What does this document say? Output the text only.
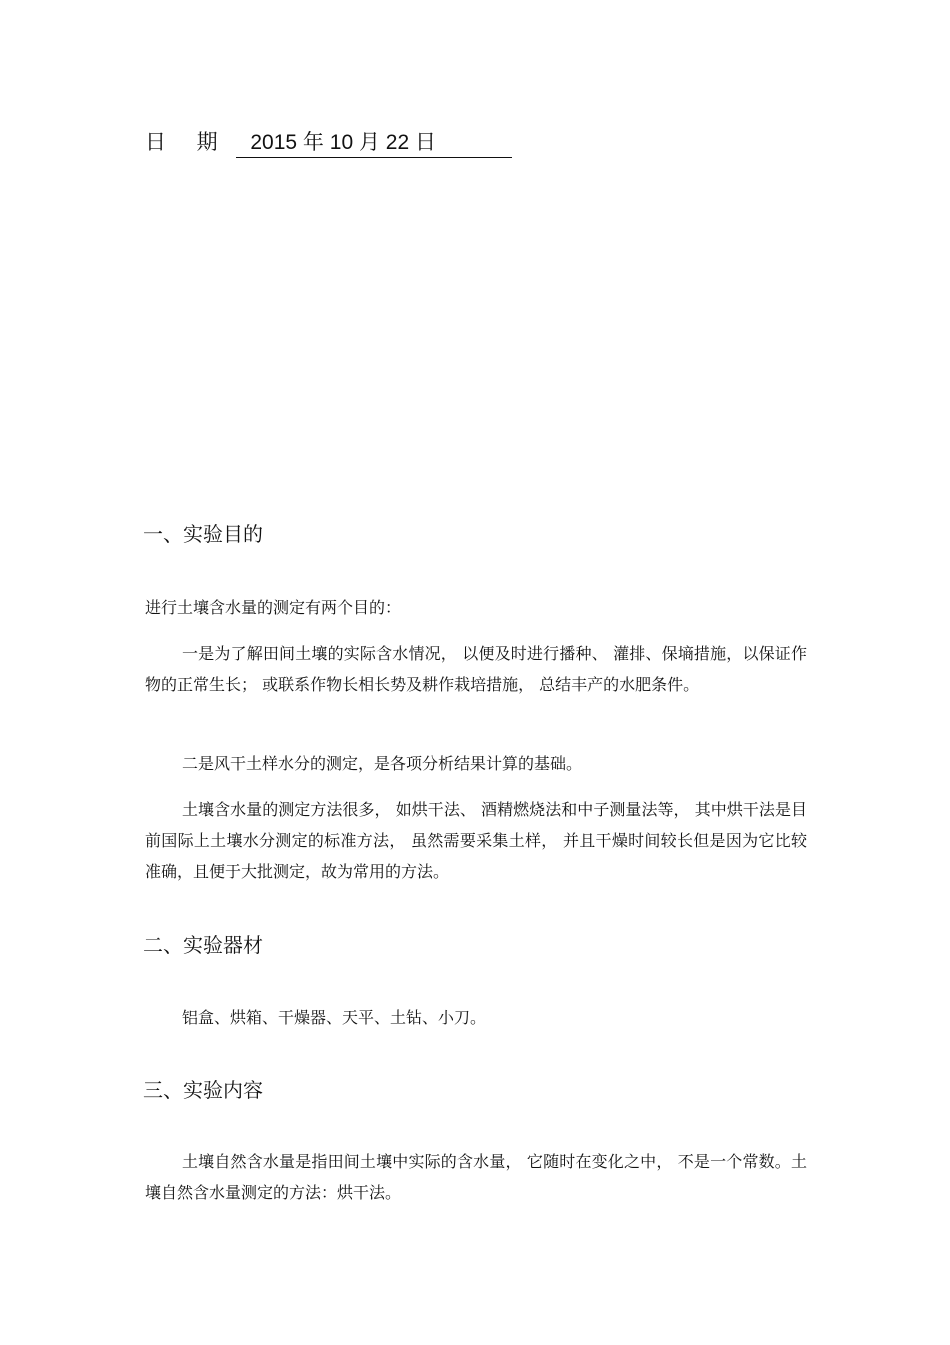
日 期 2015 年 10 月 22 日
一、实验目的

进行土壤含水量的测定有两个目的：

一是为了解田间土壤的实际含水情况， 以便及时进行播种、 灌排、保墒措施，以保证作物的正常生长； 或联系作物长相长势及耕作栽培措施， 总结丰产的水肥条件。

二是风干土样水分的测定，是各项分析结果计算的基础。

土壤含水量的测定方法很多， 如烘干法、 酒精燃烧法和中子测量法等， 其中烘干法是目前国际上土壤水分测定的标准方法， 虽然需要采集土样， 并且干燥时间较长但是因为它比较准确，且便于大批测定，故为常用的方法。

二、实验器材

铝盒、烘箱、干燥器、天平、土钻、小刀。

三、实验内容

土壤自然含水量是指田间土壤中实际的含水量， 它随时在变化之中， 不是一个常数。土壤自然含水量测定的方法：烘干法。
